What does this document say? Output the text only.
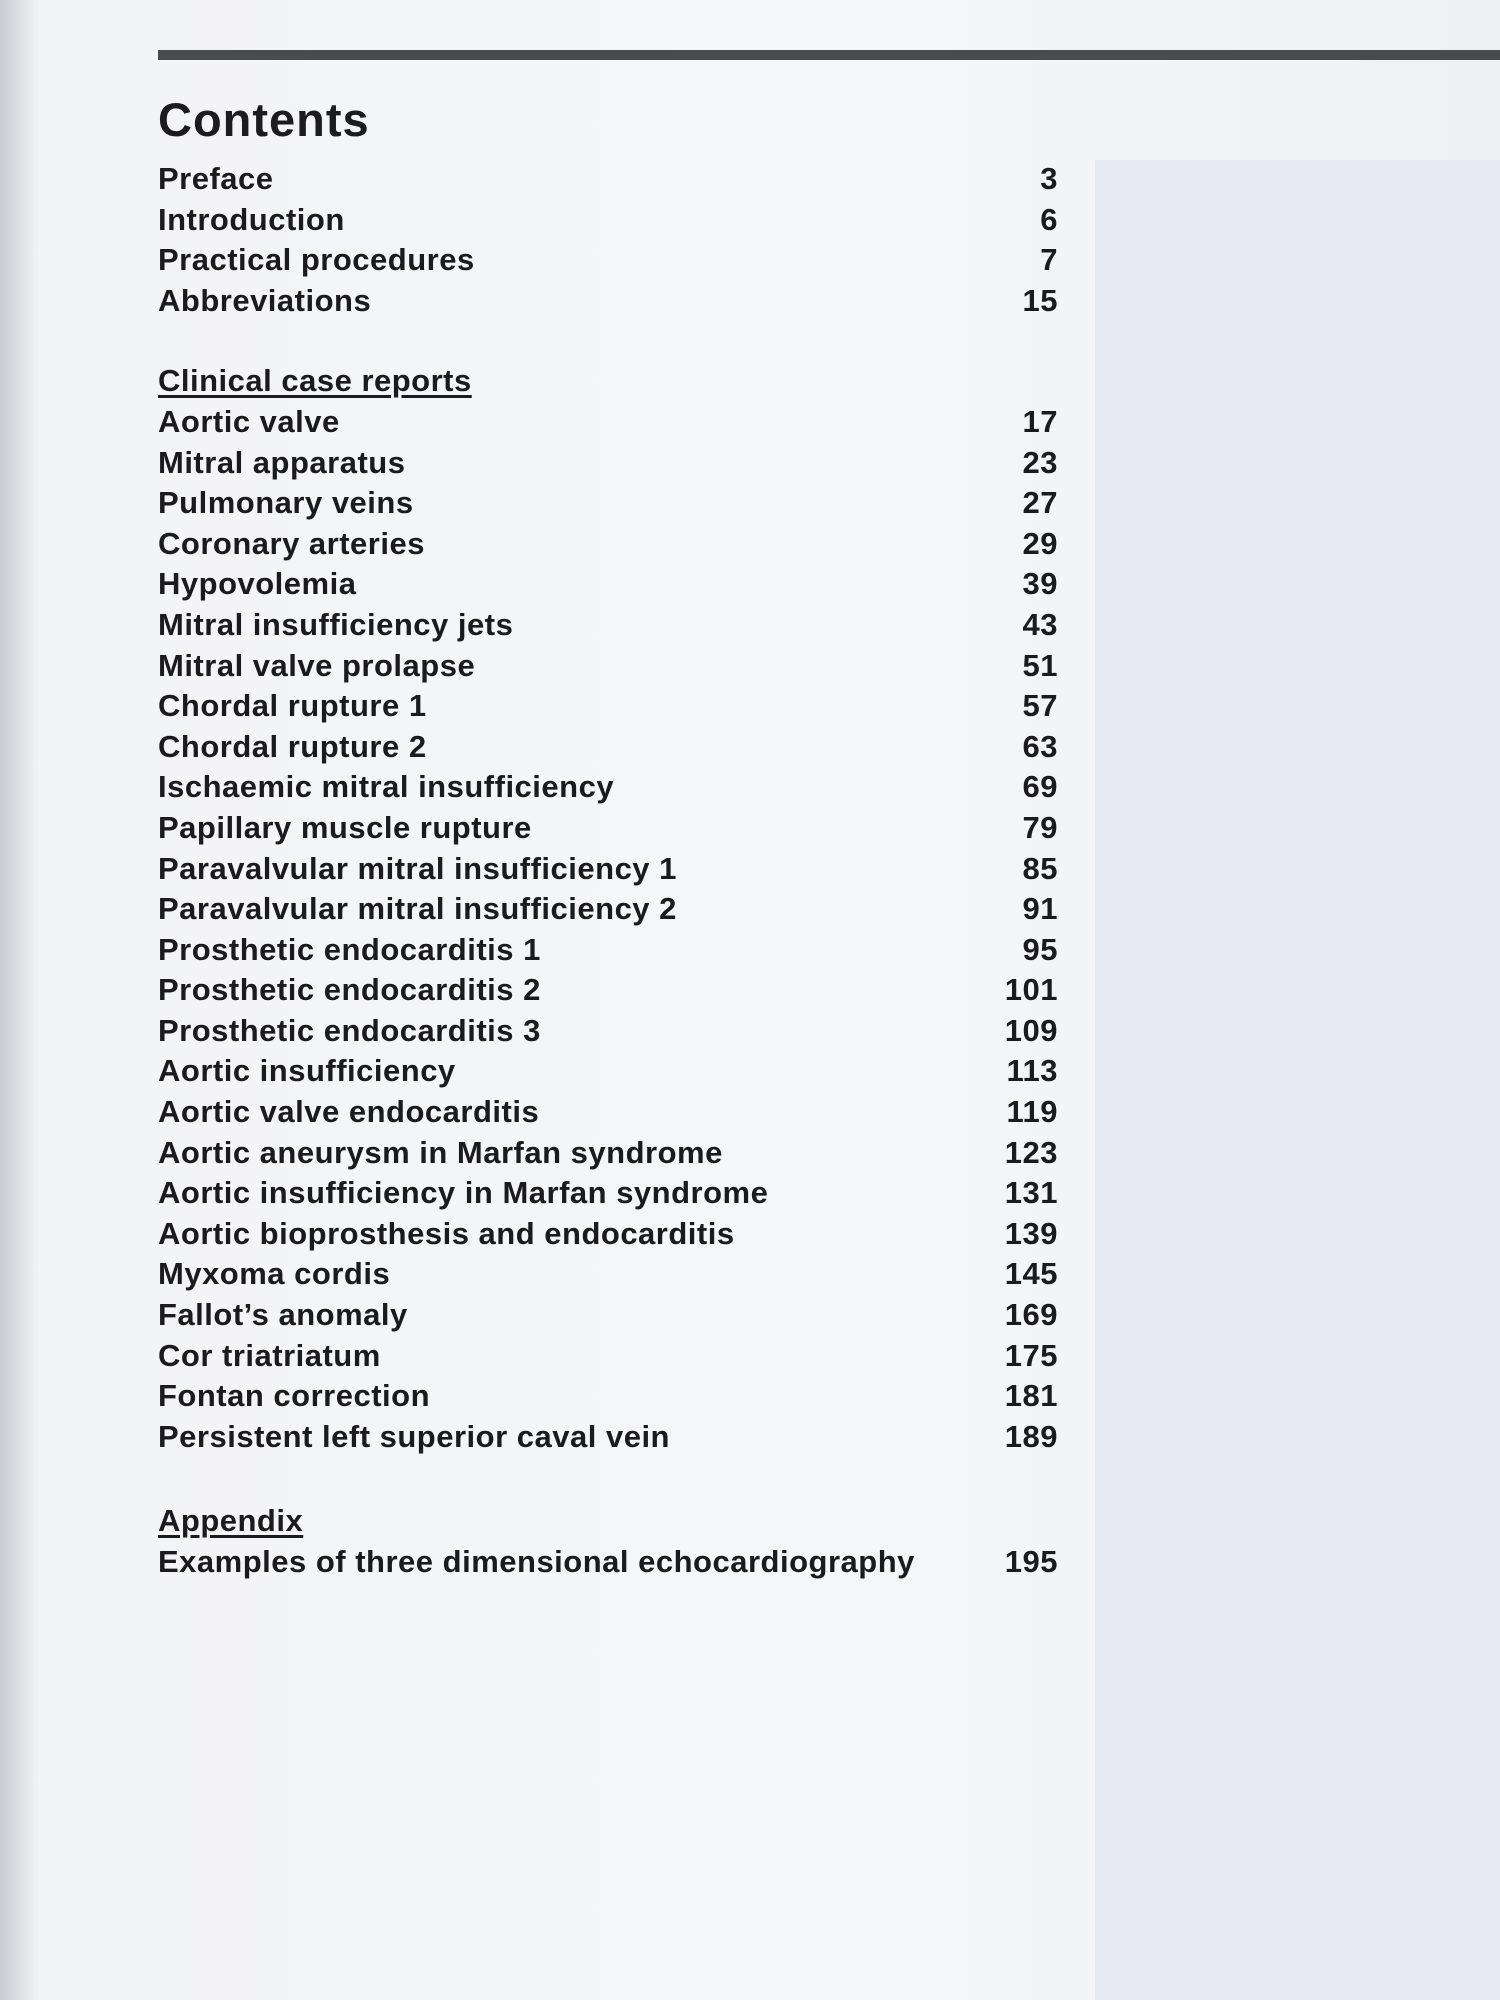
Contents
Preface	3
Introduction	6
Practical procedures	7
Abbreviations	15
Clinical case reports
Aortic valve	17
Mitral apparatus	23
Pulmonary veins	27
Coronary arteries	29
Hypovolemia	39
Mitral insufficiency jets	43
Mitral valve prolapse	51
Chordal rupture 1	57
Chordal rupture 2	63
Ischaemic mitral insufficiency	69
Papillary muscle rupture	79
Paravalvular mitral insufficiency 1	85
Paravalvular mitral insufficiency 2	91
Prosthetic endocarditis 1	95
Prosthetic endocarditis 2	101
Prosthetic endocarditis 3	109
Aortic insufficiency	113
Aortic valve endocarditis	119
Aortic aneurysm in Marfan syndrome	123
Aortic insufficiency in Marfan syndrome	131
Aortic bioprosthesis and endocarditis	139
Myxoma cordis	145
Fallot’s anomaly	169
Cor triatriatum	175
Fontan correction	181
Persistent left superior caval vein	189
Appendix
Examples of three dimensional echocardiography	195
